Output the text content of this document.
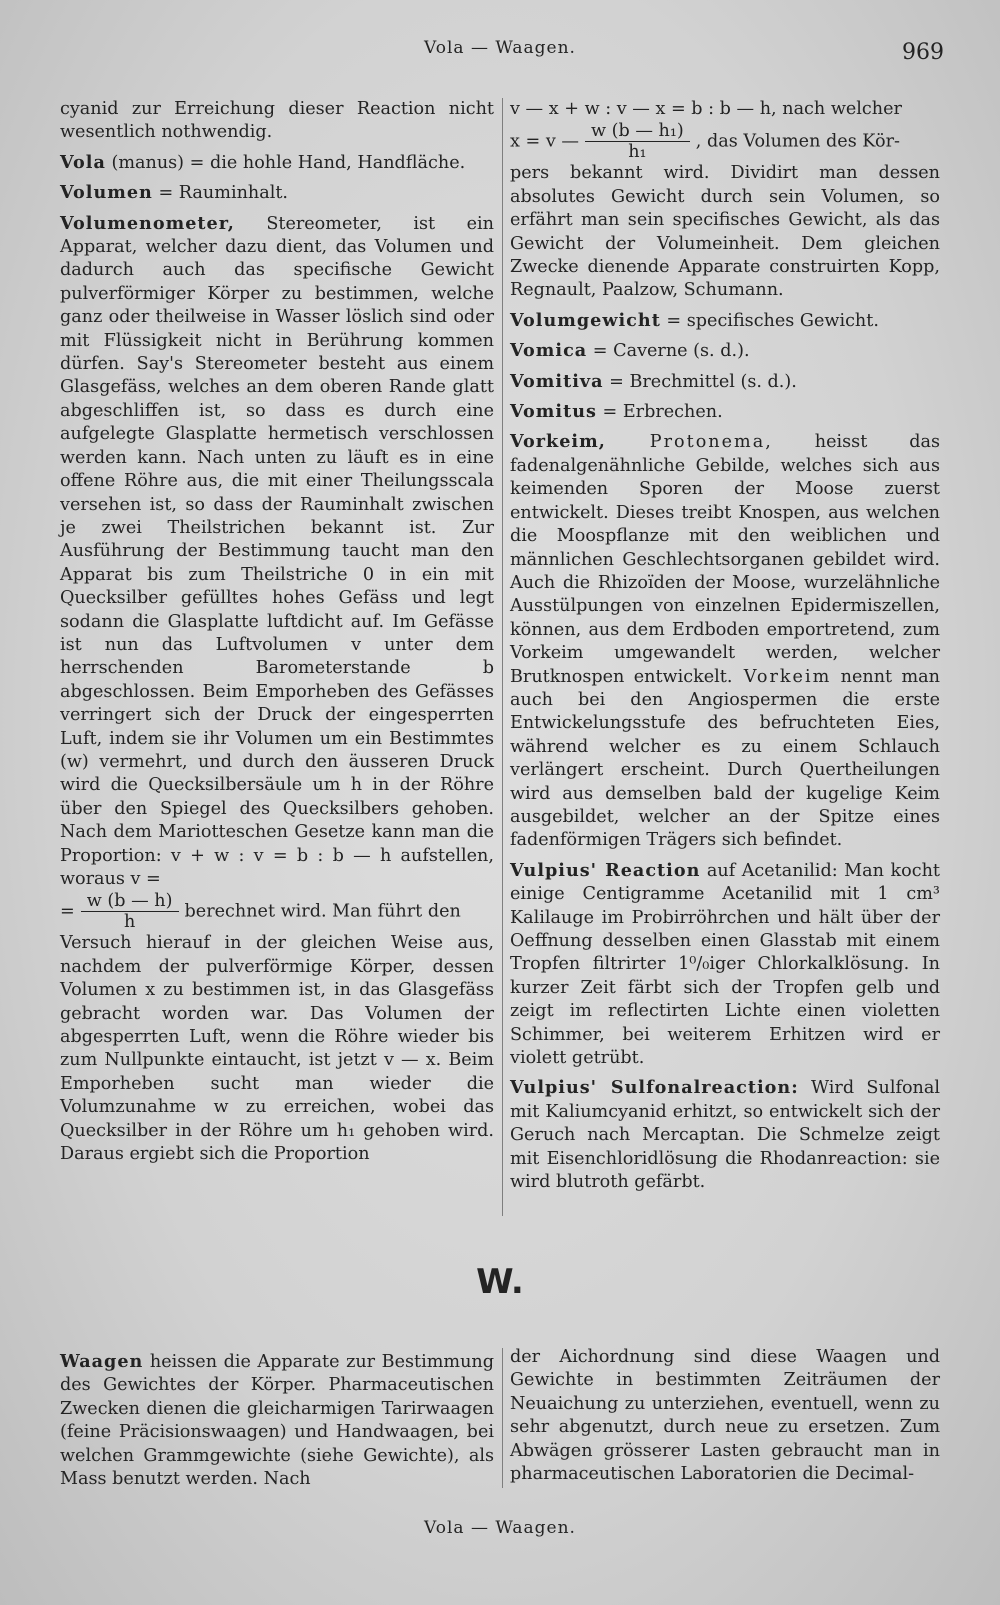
Vola — Waagen.	969

cyanid zur Erreichung dieser Reaction nicht wesentlich nothwendig.

Vola (manus) = die hohle Hand, Handfläche.

Volumen = Rauminhalt.

Volumenometer, Stereometer, ist ein Apparat, welcher dazu dient, das Volumen und dadurch auch das specifische Gewicht pulverförmiger Körper zu bestimmen, welche ganz oder theilweise in Wasser löslich sind oder mit Flüssigkeit nicht in Berührung kommen dürfen. Say's Stereometer besteht aus einem Glasgefäss, welches an dem oberen Rande glatt abgeschliffen ist, so dass es durch eine aufgelegte Glasplatte hermetisch verschlossen werden kann. Nach unten zu läuft es in eine offene Röhre aus, die mit einer Theilungsscala versehen ist, so dass der Rauminhalt zwischen je zwei Theilstrichen bekannt ist. Zur Ausführung der Bestimmung taucht man den Apparat bis zum Theilstriche 0 in ein mit Quecksilber gefülltes hohes Gefäss und legt sodann die Glasplatte luftdicht auf. Im Gefässe ist nun das Luftvolumen v unter dem herrschenden Barometerstande b abgeschlossen. Beim Emporheben des Gefässes verringert sich der Druck der eingesperrten Luft, indem sie ihr Volumen um ein Bestimmtes (w) vermehrt, und durch den äusseren Druck wird die Quecksilbersäule um h in der Röhre über den Spiegel des Quecksilbers gehoben. Nach dem Mariotteschen Gesetze kann man die Proportion: v + w : v = b : b — h aufstellen, woraus v =

= $\frac{w (b — h)}{h}$ berechnet wird. Man führt den

Versuch hierauf in der gleichen Weise aus, nachdem der pulverförmige Körper, dessen Volumen x zu bestimmen ist, in das Glasgefäss gebracht worden war. Das Volumen der abgesperrten Luft, wenn die Röhre wieder bis zum Nullpunkte eintaucht, ist jetzt v — x. Beim Emporheben sucht man wieder die Volumzunahme w zu erreichen, wobei das Quecksilber in der Röhre um h₁ gehoben wird. Daraus ergiebt sich die Proportion

v — x + w : v — x = b : b — h, nach welcher

x = v — $\frac{\text{w (b — h₁)}}{\text{h₁}}$ , das Volumen des Kör-

pers bekannt wird. Dividirt man dessen absolutes Gewicht durch sein Volumen, so erfährt man sein specifisches Gewicht, als das Gewicht der Volumeinheit. Dem gleichen Zwecke dienende Apparate construirten Kopp, Regnault, Paalzow, Schumann.

Volumgewicht = specifisches Gewicht.

Vomica = Caverne (s. d.).

Vomitiva = Brechmittel (s. d.).

Vomitus = Erbrechen.

Vorkeim, Protonema, heisst das fadenalgenähnliche Gebilde, welches sich aus keimenden Sporen der Moose zuerst entwickelt. Dieses treibt Knospen, aus welchen die Moospflanze mit den weiblichen und männlichen Geschlechtsorganen gebildet wird. Auch die Rhizoïden der Moose, wurzelähnliche Ausstülpungen von einzelnen Epidermiszellen, können, aus dem Erdboden emportretend, zum Vorkeim umgewandelt werden, welcher Brutknospen entwickelt. Vorkeim nennt man auch bei den Angiospermen die erste Entwickelungsstufe des befruchteten Eies, während welcher es zu einem Schlauch verlängert erscheint. Durch Quertheilungen wird aus demselben bald der kugelige Keim ausgebildet, welcher an der Spitze eines fadenförmigen Trägers sich befindet.

Vulpius' Reaction auf Acetanilid: Man kocht einige Centigramme Acetanilid mit 1 cm³ Kalilauge im Probirröhrchen und hält über der Oeffnung desselben einen Glasstab mit einem Tropfen filtrirter 1⁰/₀iger Chlorkalklösung. In kurzer Zeit färbt sich der Tropfen gelb und zeigt im reflectirten Lichte einen violetten Schimmer, bei weiterem Erhitzen wird er violett getrübt.

Vulpius' Sulfonalreaction: Wird Sulfonal mit Kaliumcyanid erhitzt, so entwickelt sich der Geruch nach Mercaptan. Die Schmelze zeigt mit Eisenchloridlösung die Rhodanreaction: sie wird blutroth gefärbt.

W.

Waagen heissen die Apparate zur Bestimmung des Gewichtes der Körper. Pharmaceutischen Zwecken dienen die gleicharmigen Tarirwaagen (feine Präcisionswaagen) und Handwaagen, bei welchen Grammgewichte (siehe Gewichte), als Mass benutzt werden. Nach

der Aichordnung sind diese Waagen und Gewichte in bestimmten Zeiträumen der Neuaichung zu unterziehen, eventuell, wenn zu sehr abgenutzt, durch neue zu ersetzen. Zum Abwägen grösserer Lasten gebraucht man in pharmaceutischen Laboratorien die Decimal-

Vola — Waagen.
